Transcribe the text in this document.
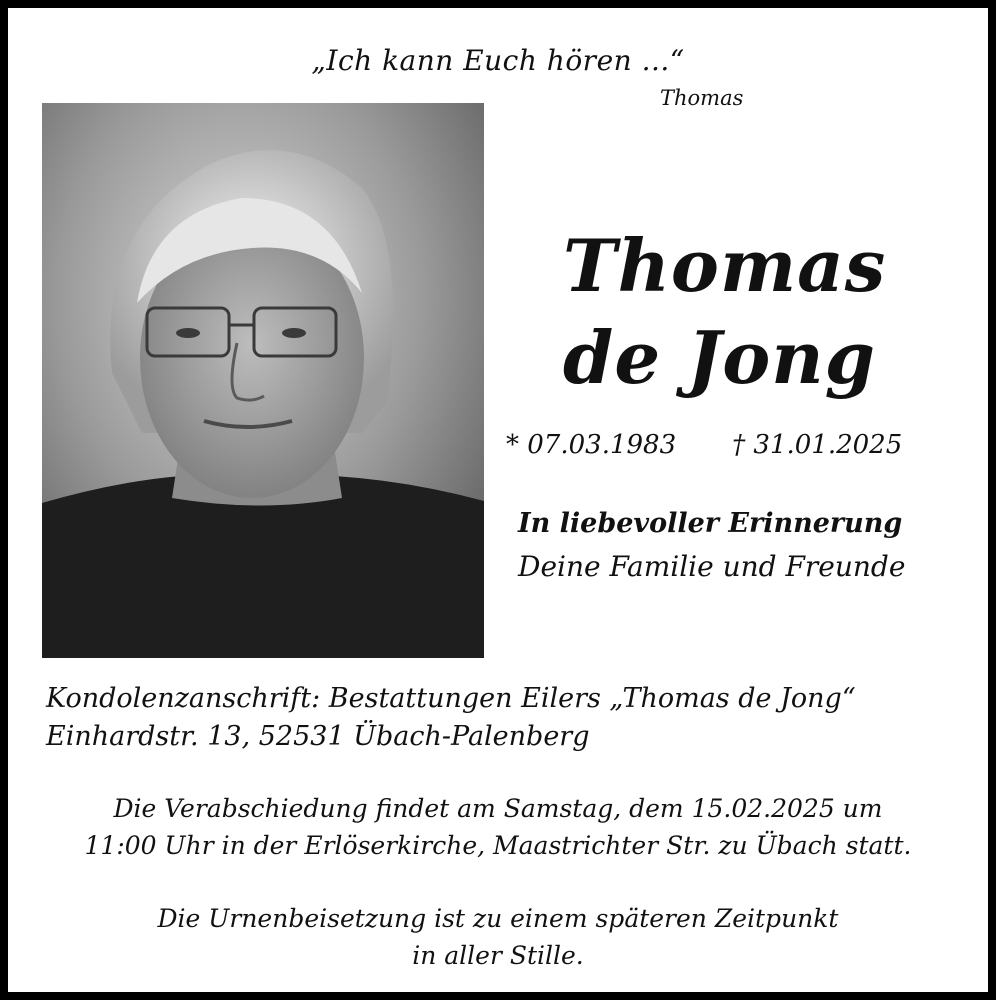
„Ich kann Euch hören ...“
Thomas
Thomas
de Jong
* 07.03.1983 † 31.01.2025
In liebevoller Erinnerung
Deine Familie und Freunde
Kondolenzanschrift: Bestattungen Eilers „Thomas de Jong“
Einhardstr. 13, 52531 Übach-Palenberg
Die Verabschiedung findet am Samstag, dem 15.02.2025 um
11:00 Uhr in der Erlöserkirche, Maastrichter Str. zu Übach statt.
Die Urnenbeisetzung ist zu einem späteren Zeitpunkt
in aller Stille.
